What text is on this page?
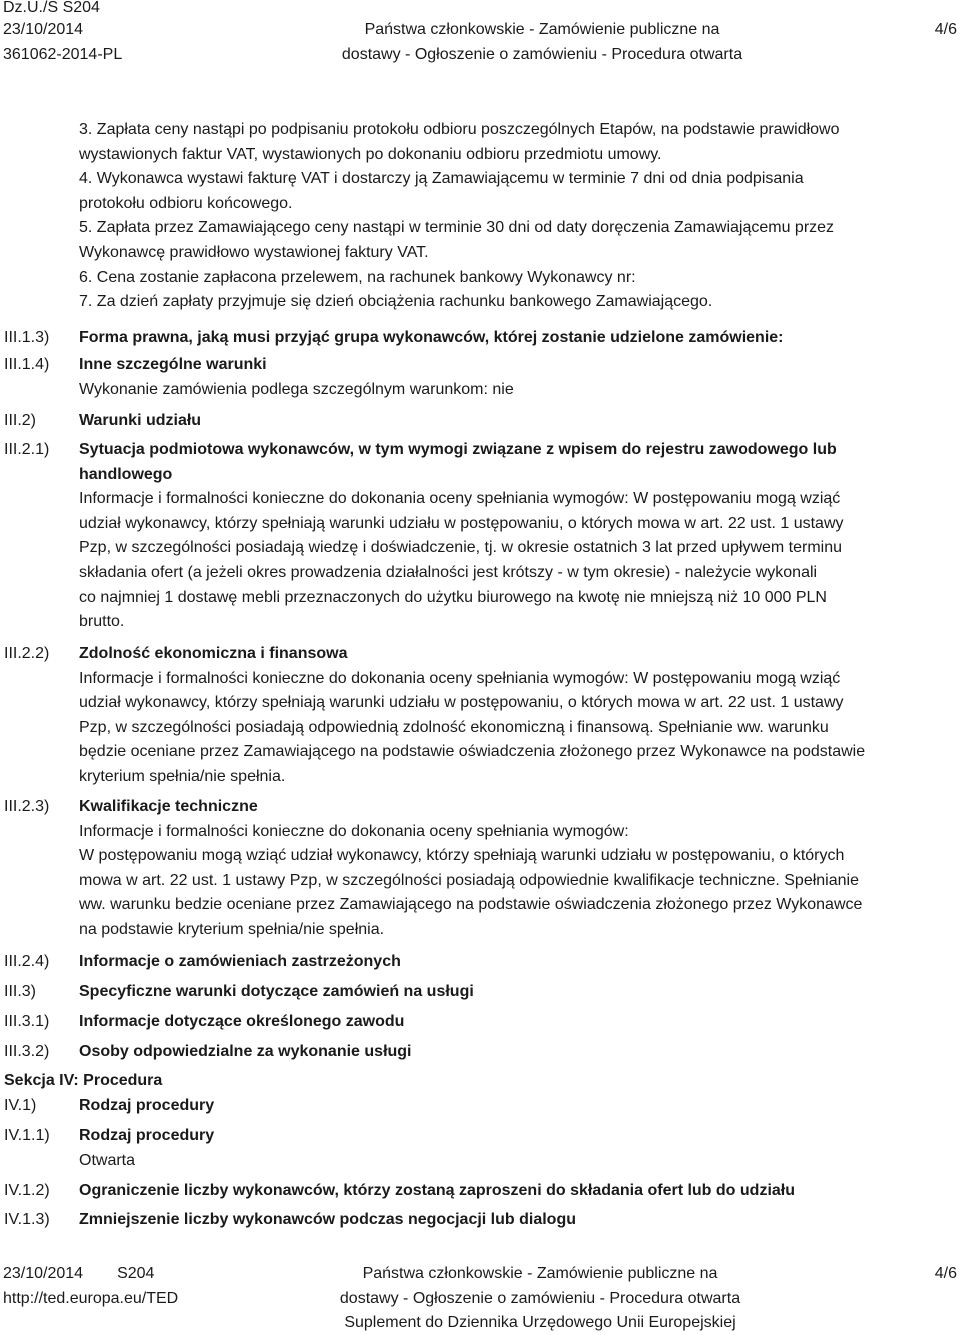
Dz.U./S S204
23/10/2014
361062-2014-PL
Państwa członkowskie - Zamówienie publiczne na
dostawy - Ogłoszenie o zamówieniu - Procedura otwarta
4/6
3. Zapłata ceny nastąpi po podpisaniu protokołu odbioru poszczególnych Etapów, na podstawie prawidłowo
wystawionych faktur VAT, wystawionych po dokonaniu odbioru przedmiotu umowy.
4. Wykonawca wystawi fakturę VAT i dostarczy ją Zamawiającemu w terminie 7 dni od dnia podpisania
protokołu odbioru końcowego.
5. Zapłata przez Zamawiającego ceny nastąpi w terminie 30 dni od daty doręczenia Zamawiającemu przez
Wykonawcę prawidłowo wystawionej faktury VAT.
6. Cena zostanie zapłacona przelewem, na rachunek bankowy Wykonawcy nr:
7. Za dzień zapłaty przyjmuje się dzień obciążenia rachunku bankowego Zamawiającego.
III.1.3) Forma prawna, jaką musi przyjąć grupa wykonawców, której zostanie udzielone zamówienie:
III.1.4) Inne szczególne warunki
Wykonanie zamówienia podlega szczególnym warunkom: nie
III.2)	Warunki udziału
III.2.1) Sytuacja podmiotowa wykonawców, w tym wymogi związane z wpisem do rejestru zawodowego lub
handlowego
Informacje i formalności konieczne do dokonania oceny spełniania wymogów: W postępowaniu mogą wziąć
udział wykonawcy, którzy spełniają warunki udziału w postępowaniu, o których mowa w art. 22 ust. 1 ustawy
Pzp, w szczególności posiadają wiedzę i doświadczenie, tj. w okresie ostatnich 3 lat przed upływem terminu
składania ofert (a jeżeli okres prowadzenia działalności jest krótszy - w tym okresie) - należycie wykonali
co najmniej 1 dostawę mebli przeznaczonych do użytku biurowego na kwotę nie mniejszą niż 10 000 PLN
brutto.
III.2.2) Zdolność ekonomiczna i finansowa
Informacje i formalności konieczne do dokonania oceny spełniania wymogów: W postępowaniu mogą wziąć
udział wykonawcy, którzy spełniają warunki udziału w postępowaniu, o których mowa w art. 22 ust. 1 ustawy
Pzp, w szczególności posiadają odpowiednią zdolność ekonomiczną i finansową. Spełnianie ww. warunku
będzie oceniane przez Zamawiającego na podstawie oświadczenia złożonego przez Wykonawce na podstawie
kryterium spełnia/nie spełnia.
III.2.3) Kwalifikacje techniczne
Informacje i formalności konieczne do dokonania oceny spełniania wymogów:
W postępowaniu mogą wziąć udział wykonawcy, którzy spełniają warunki udziału w postępowaniu, o których
mowa w art. 22 ust. 1 ustawy Pzp, w szczególności posiadają odpowiednie kwalifikacje techniczne. Spełnianie
ww. warunku bedzie oceniane przez Zamawiającego na podstawie oświadczenia złożonego przez Wykonawce
na podstawie kryterium spełnia/nie spełnia.
III.2.4) Informacje o zamówieniach zastrzeżonych
III.3)	Specyficzne warunki dotyczące zamówień na usługi
III.3.1) Informacje dotyczące określonego zawodu
III.3.2) Osoby odpowiedzialne za wykonanie usługi
Sekcja IV: Procedura
IV.1)	Rodzaj procedury
IV.1.1) Rodzaj procedury
Otwarta
IV.1.2) Ograniczenie liczby wykonawców, którzy zostaną zaproszeni do składania ofert lub do udziału
IV.1.3) Zmniejszenie liczby wykonawców podczas negocjacji lub dialogu
23/10/2014 S204
http://ted.europa.eu/TED
Państwa członkowskie - Zamówienie publiczne na
dostawy - Ogłoszenie o zamówieniu - Procedura otwarta
Suplement do Dziennika Urzędowego Unii Europejskiej
4/6
